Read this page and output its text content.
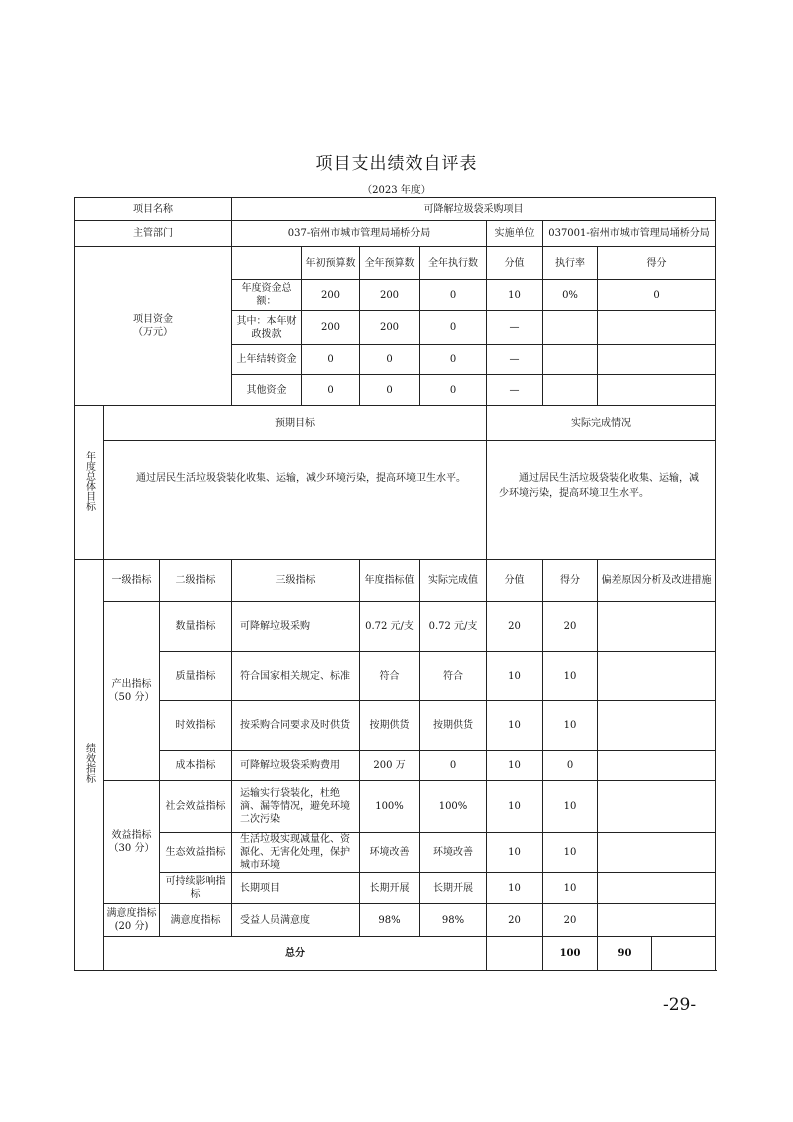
项目支出绩效自评表
（2023 年度）
项目名称			可降解垃圾袋采购项目							
主管部门			037-宿州市城市管理局埇桥分局				实施单位	037001-宿州市城市管理局埇桥分局		

项目资金
（万元）				年初预算数	全年预算数	全年执行数	分值	执行率	得分	
			年度资金总额：	200	200	0	10	0%	0	
			其中：本年财政拨款	200	200	0	—			
			上年结转资金	0	0	0	—			
			其他资金	0	0	0	—			
年度总体目标	预期目标						实际完成情况			
	通过居民生活垃圾袋装化收集、运输，减少环境污染，提高环境卫生水平。						通过居民生活垃圾袋装化收集、运输，减少环境污染，提高环境卫生水平。			
绩效指标	一级指标	二级指标	三级指标		年度指标值	实际完成值	分值	得分	偏差原因分析及改进措施	
	产出指标（50 分）	数量指标	可降解垃圾采购		0.72 元/支	0.72 元/支	20	20		
		质量指标	符合国家相关规定、标准		符合	符合	10	10		
		时效指标	按采购合同要求及时供货		按期供货	按期供货	10	10		
		成本指标	可降解垃圾袋采购费用		200 万	0	10	0		
	效益指标（30 分）	社会效益指标	运输实行袋装化，杜绝滴、漏等情况，避免环境二次污染		100%	100%	10	10		
		生态效益指标	生活垃圾实现减量化、资源化、无害化处理，保护城市环境		环境改善	环境改善	10	10		
		可持续影响指标	长期项目		长期开展	长期开展	10	10		
	满意度指标(20 分)	满意度指标	受益人员满意度		98%	98%	20	20		
	总分							100	90	
-29-
